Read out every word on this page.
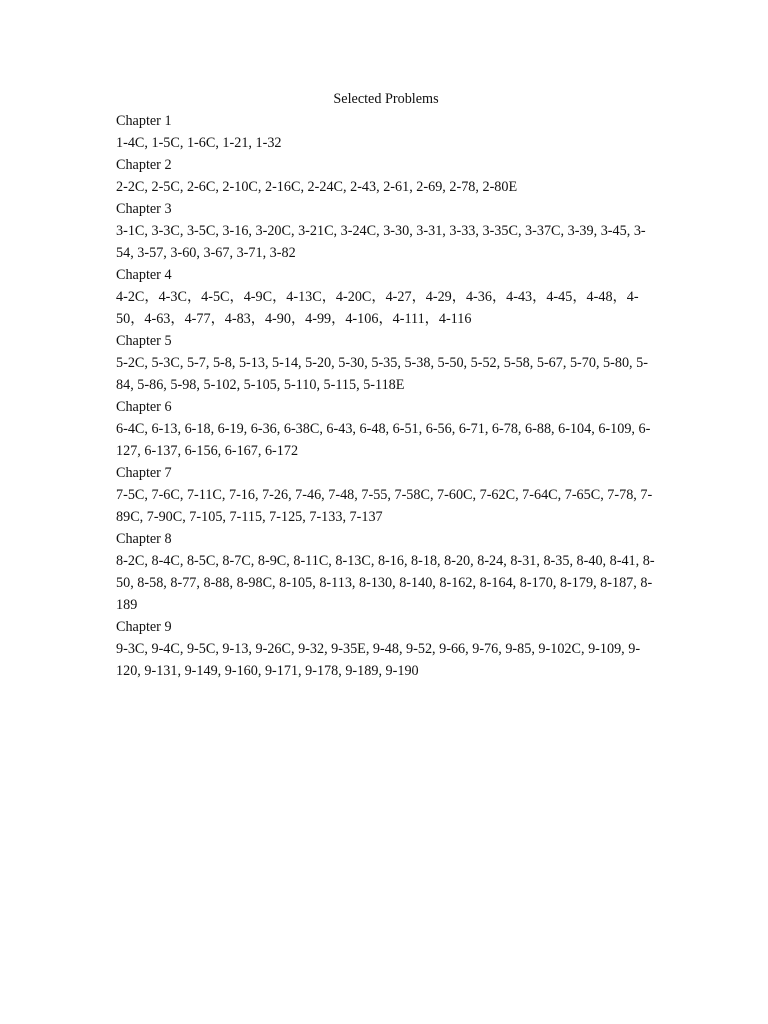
Selected Problems

Chapter 1

1-4C, 1-5C, 1-6C, 1-21, 1-32

Chapter 2

2-2C, 2-5C, 2-6C, 2-10C, 2-16C, 2-24C, 2-43, 2-61, 2-69, 2-78, 2-80E

Chapter 3

3-1C, 3-3C, 3-5C, 3-16, 3-20C, 3-21C, 3-24C, 3-30, 3-31, 3-33, 3-35C, 3-37C, 3-39, 3-45, 3-54, 3-57, 3-60, 3-67, 3-71, 3-82

Chapter 4

4-2C，4-3C，4-5C，4-9C，4-13C，4-20C，4-27，4-29，4-36，4-43，4-45，4-48，4-50，4-63，4-77，4-83，4-90，4-99，4-106，4-111，4-116

Chapter 5

5-2C, 5-3C, 5-7, 5-8, 5-13, 5-14, 5-20, 5-30, 5-35, 5-38, 5-50, 5-52, 5-58, 5-67, 5-70, 5-80, 5-84, 5-86, 5-98, 5-102, 5-105, 5-110, 5-115, 5-118E

Chapter 6

6-4C, 6-13, 6-18, 6-19, 6-36, 6-38C, 6-43, 6-48, 6-51, 6-56, 6-71, 6-78, 6-88, 6-104, 6-109, 6-127, 6-137, 6-156, 6-167, 6-172

Chapter 7

7-5C, 7-6C, 7-11C, 7-16, 7-26, 7-46, 7-48, 7-55, 7-58C, 7-60C, 7-62C, 7-64C, 7-65C, 7-78, 7-89C, 7-90C, 7-105, 7-115, 7-125, 7-133, 7-137

Chapter 8

8-2C, 8-4C, 8-5C, 8-7C, 8-9C, 8-11C, 8-13C, 8-16, 8-18, 8-20, 8-24, 8-31, 8-35, 8-40, 8-41, 8-50, 8-58, 8-77, 8-88, 8-98C, 8-105, 8-113, 8-130, 8-140, 8-162, 8-164, 8-170, 8-179, 8-187, 8-189

Chapter 9

9-3C, 9-4C, 9-5C, 9-13, 9-26C, 9-32, 9-35E, 9-48, 9-52, 9-66, 9-76, 9-85, 9-102C, 9-109, 9-120, 9-131, 9-149, 9-160, 9-171, 9-178, 9-189, 9-190
